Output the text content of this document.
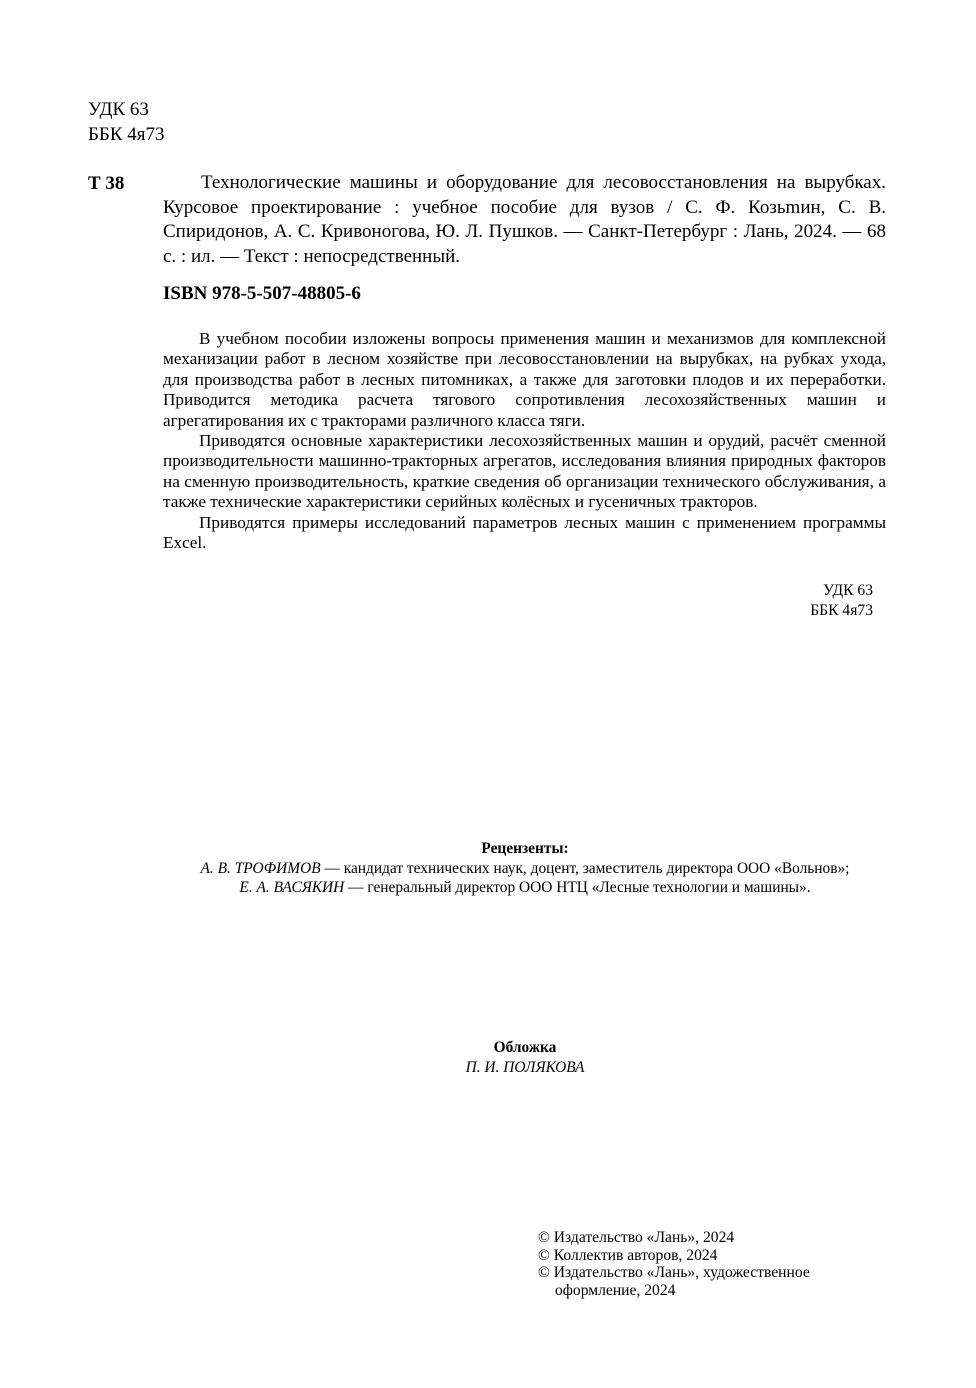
УДК 63
ББК 4я73
Т 38	Технологические машины и оборудование для лесовосстановления на вырубках. Курсовое проектирование : учебное пособие для вузов / С. Ф. Козьmин, С. В. Спиридонов, А. С. Кривоногова, Ю. Л. Пушков. — Санкт-Петербург : Лань, 2024. — 68 с. : ил. — Текст : непосредственный.
ISBN 978-5-507-48805-6

В учебном пособии изложены вопросы применения машин и механизмов для комплексной механизации работ в лесном хозяйстве при лесовосстановлении на вырубках, на рубках ухода, для производства работ в лесных питомниках, а также для заготовки плодов и их переработки. Приводится методика расчета тягового сопротивления лесохозяйственных машин и агрегатирования их с тракторами различного класса тяги.

Приводятся основные характеристики лесохозяйственных машин и орудий, расчёт сменной производительности машинно-тракторных агрегатов, исследования влияния природных факторов на сменную производительность, краткие сведения об организации технического обслуживания, а также технические характеристики серийных колёсных и гусеничных тракторов.

Приводятся примеры исследований параметров лесных машин с применением программы Excel.

УДК 63
ББК 4я73
Рецензенты:
А. В. ТРОФИМОВ — кандидат технических наук, доцент, заместитель директора ООО «Вольнов»;
Е. А. ВАСЯКИН — генеральный директор ООО НТЦ «Лесные технологии и машины».
Обложка
П. И. ПОЛЯКОВА
© Издательство «Лань», 2024
© Коллектив авторов, 2024
© Издательство «Лань», художественное
оформление, 2024
